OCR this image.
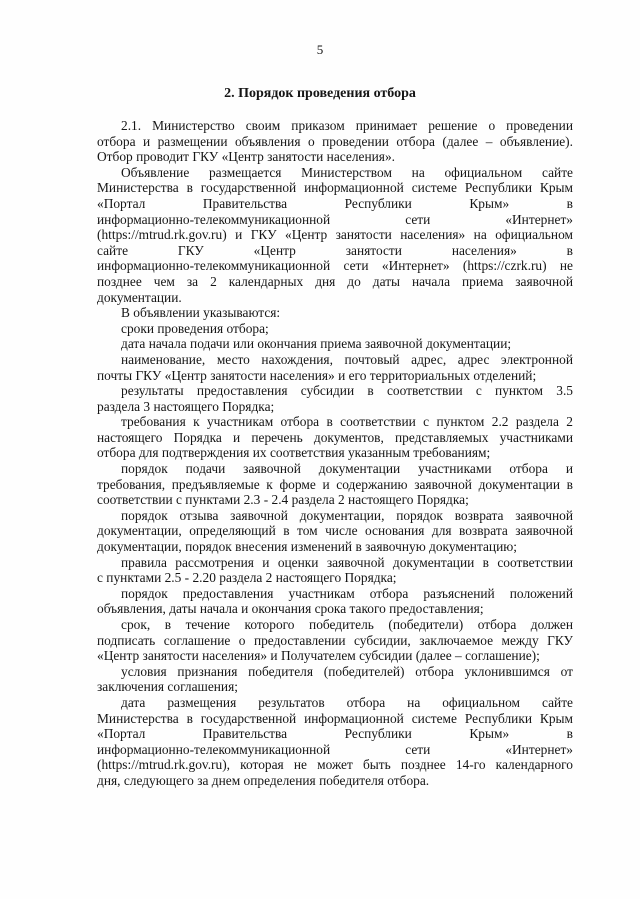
5
2. Порядок проведения отбора
2.1. Министерство своим приказом принимает решение о проведении
отбора и размещении объявления о проведении отбора (далее – объявление).
Отбор проводит ГКУ «Центр занятости населения».
Объявление размещается Министерством на официальном сайте
Министерства в государственной информационной системе Республики Крым
«Портал Правительства Республики Крым» в
информационно-телекоммуникационной сети «Интернет»
(https://mtrud.rk.gov.ru) и ГКУ «Центр занятости населения» на официальном
сайте ГКУ «Центр занятости населения» в
информационно-телекоммуникационной сети «Интернет» (https://czrk.ru) не
позднее чем за 2 календарных дня до даты начала приема заявочной
документации.
В объявлении указываются:
сроки проведения отбора;
дата начала подачи или окончания приема заявочной документации;
наименование, место нахождения, почтовый адрес, адрес электронной
почты ГКУ «Центр занятости населения» и его территориальных отделений;
результаты предоставления субсидии в соответствии с пунктом 3.5
раздела 3 настоящего Порядка;
требования к участникам отбора в соответствии с пунктом 2.2 раздела 2
настоящего Порядка и перечень документов, представляемых участниками
отбора для подтверждения их соответствия указанным требованиям;
порядок подачи заявочной документации участниками отбора и
требования, предъявляемые к форме и содержанию заявочной документации в
соответствии с пунктами 2.3 - 2.4 раздела 2 настоящего Порядка;
порядок отзыва заявочной документации, порядок возврата заявочной
документации, определяющий в том числе основания для возврата заявочной
документации, порядок внесения изменений в заявочную документацию;
правила рассмотрения и оценки заявочной документации в соответствии
с пунктами 2.5 - 2.20 раздела 2 настоящего Порядка;
порядок предоставления участникам отбора разъяснений положений
объявления, даты начала и окончания срока такого предоставления;
срок, в течение которого победитель (победители) отбора должен
подписать соглашение о предоставлении субсидии, заключаемое между ГКУ
«Центр занятости населения» и Получателем субсидии (далее – соглашение);
условия признания победителя (победителей) отбора уклонившимся от
заключения соглашения;
дата размещения результатов отбора на официальном сайте
Министерства в государственной информационной системе Республики Крым
«Портал Правительства Республики Крым» в
информационно-телекоммуникационной сети «Интернет»
(https://mtrud.rk.gov.ru), которая не может быть позднее 14-го календарного
дня, следующего за днем определения победителя отбора.
